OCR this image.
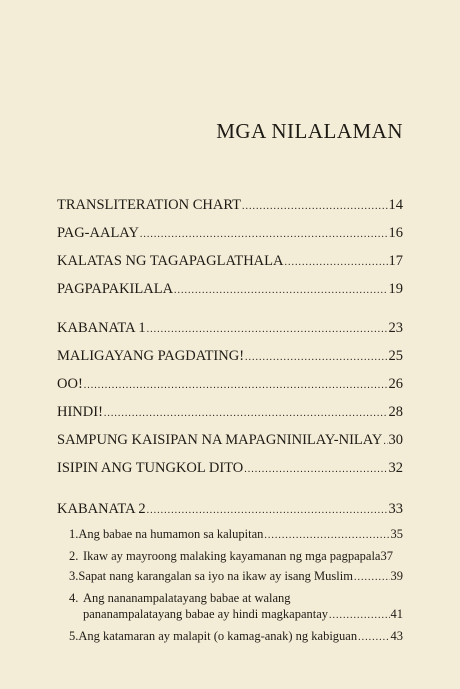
MGA NILALAMAN
TRANSLITERATION CHART .....	14
PAG-AALAY .....	16
KALATAS NG TAGAPAGLATHALA .....	17
PAGPAPAKILALA .....	19
KABANATA 1 .....	23
MALIGAYANG PAGDATING! .....	25
OO! .....	26
HINDI! .....	28
SAMPUNG KAISIPAN NA MAPAGNINILAY-NILAY ..... 30
ISIPIN ANG TUNGKOL DITO .....	32
KABANATA 2 .....	33
1. Ang babae na humamon sa kalupitan .....	35
2. Ikaw ay mayroong malaking kayamanan ng mga pagpapala 37
3. Sapat nang karangalan sa iyo na ikaw ay isang Muslim .....	39
4. Ang nananampalatayang babae at walang
pananampalatayang babae ay hindi magkapantay .....	41
5. Ang katamaran ay malapit (o kamag-anak) ng kabiguan .....	43
